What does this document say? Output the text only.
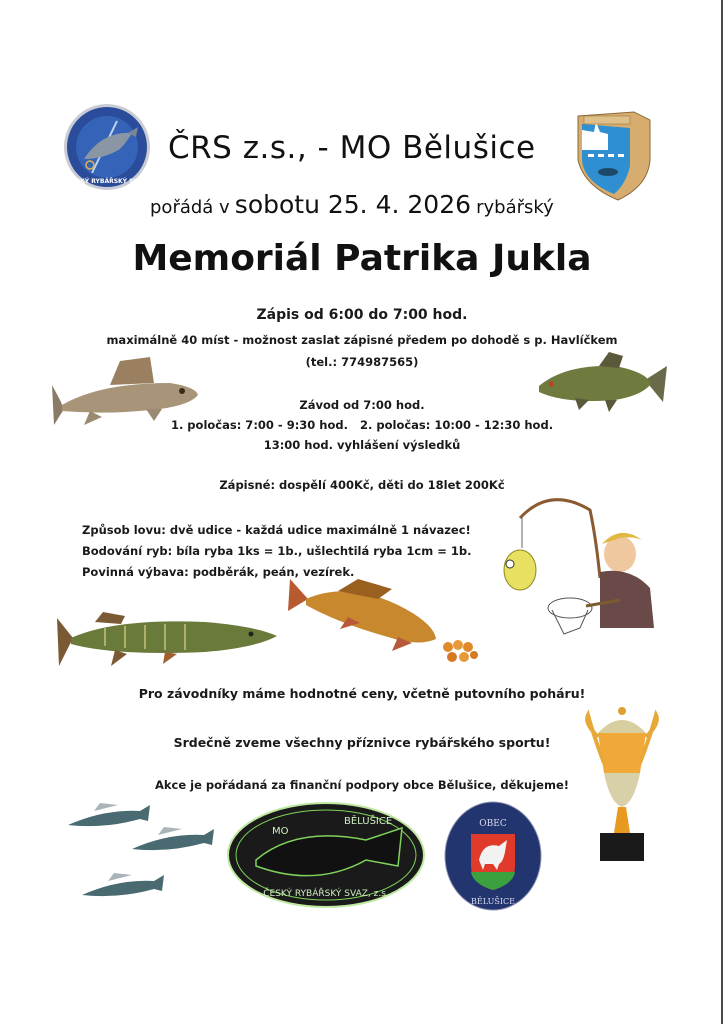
ČESKÝ RYBÁŘSKÝ SVAZ
ČRS z.s., - MO Bělušice
pořádá v sobotu 25. 4. 2026 rybářský
Memoriál Patrika Jukla
Zápis od 6:00 do 7:00 hod.
maximálně 40 míst - možnost zaslat zápisné předem po dohodě s p. Havlíčkem
(tel.: 774987565)
Závod od 7:00 hod.
1. poločas: 7:00 - 9:30 hod.   2. poločas: 10:00 - 12:30 hod.
13:00 hod. vyhlášení výsledků
Zápisné: dospělí 400Kč, děti do 18let 200Kč
Způsob lovu: dvě udice - každá udice maximálně 1 návazec!
Bodování ryb: bíla ryba 1ks = 1b., ušlechtilá ryba 1cm = 1b.
Povinná výbava: podběrák, peán, vezírek.
Pro závodníky máme hodnotné ceny, včetně putovního poháru!
Srdečně zveme všechny příznivce rybářského sportu!
Akce je pořádaná za finanční podpory obce Bělušice, děkujeme!
MO
BĚLUŠICE
ČESKÝ RYBÁŘSKÝ SVAZ, z.s.
OBEC
BĚLUŠICE
